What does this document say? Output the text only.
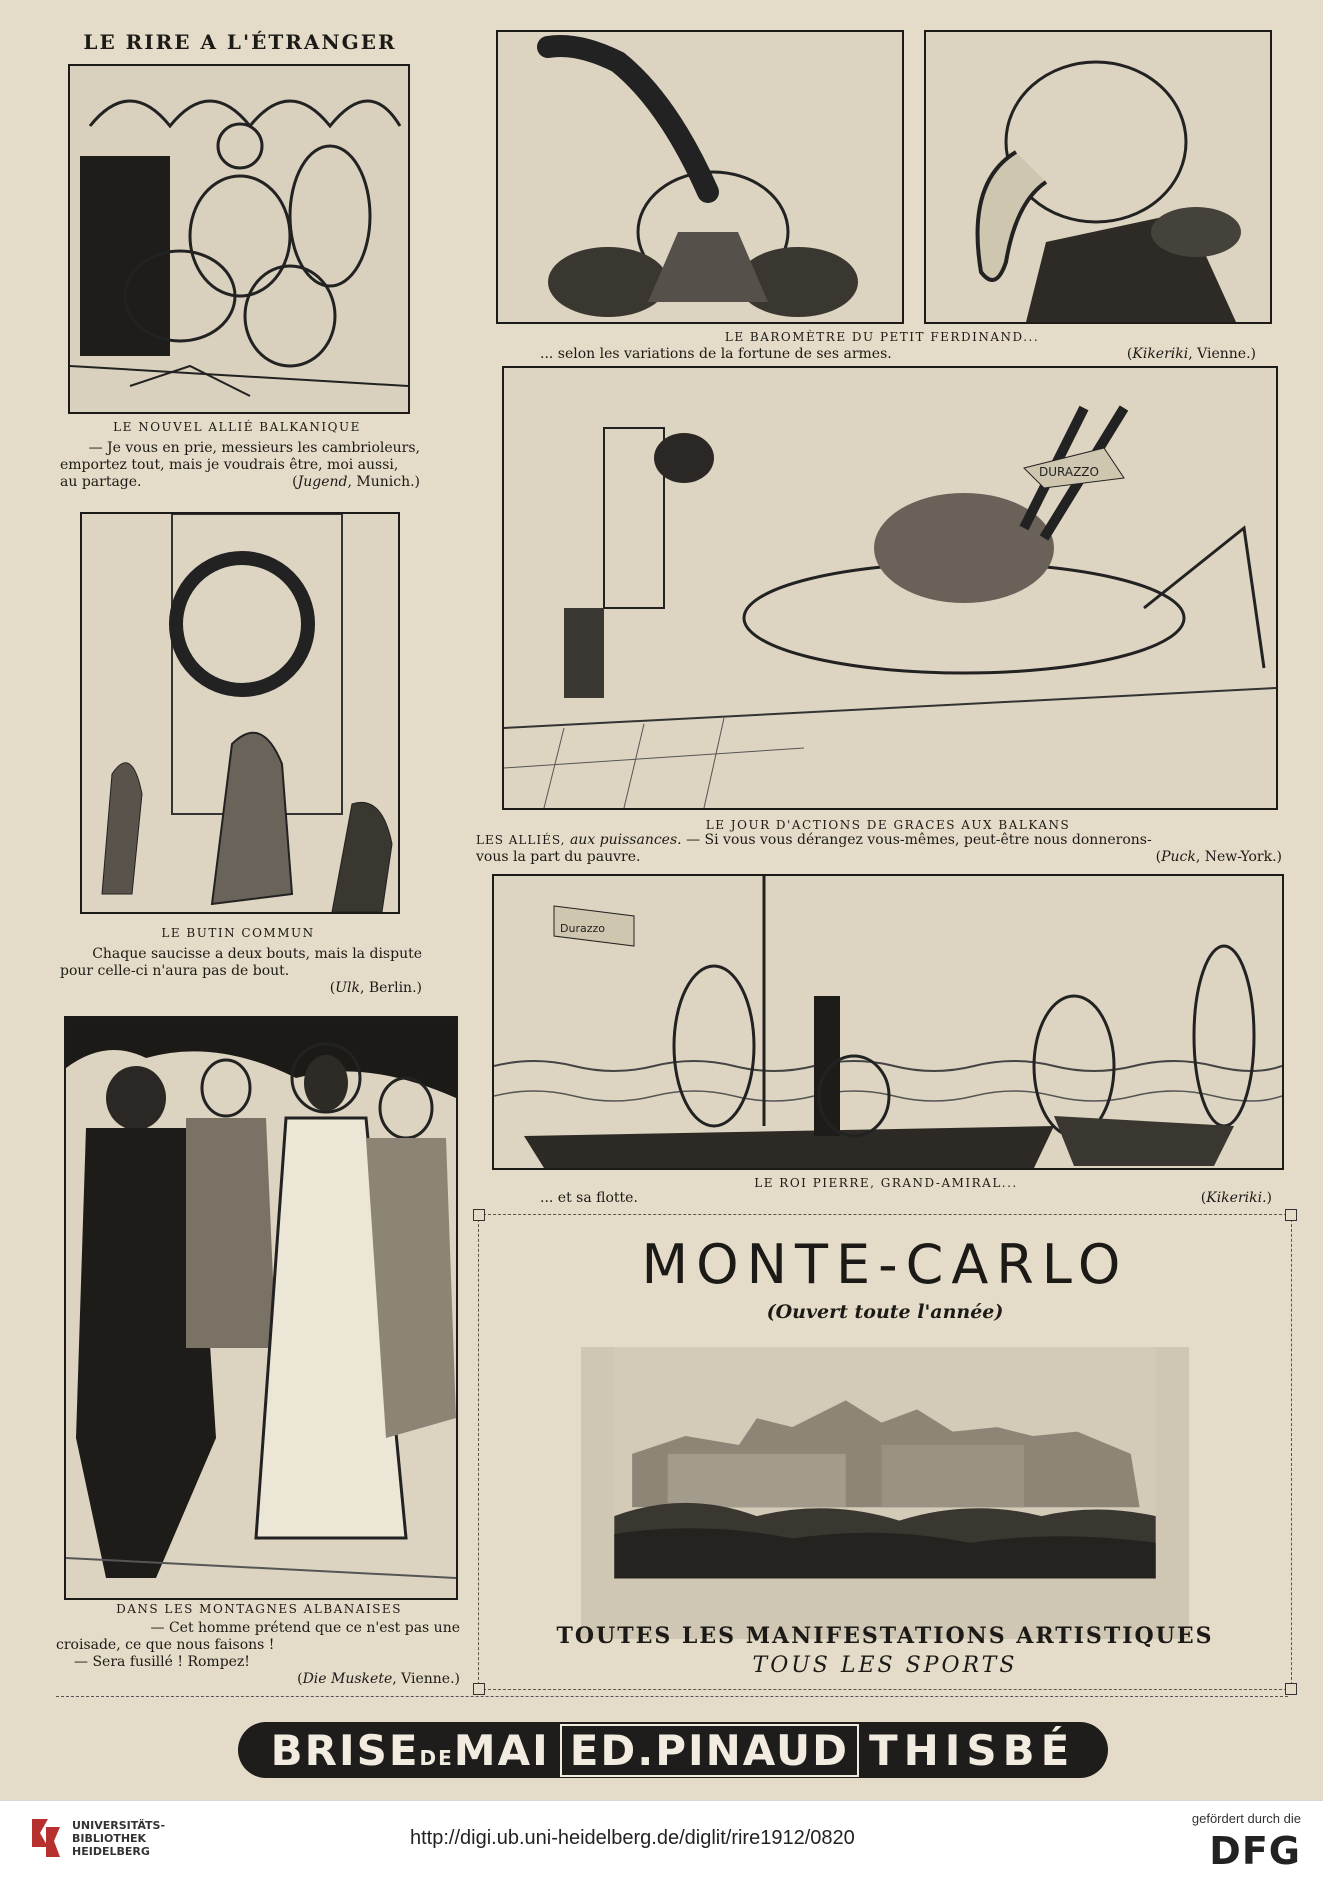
LE RIRE A L'ÉTRANGER
LE NOUVEL ALLIÉ BALKANIQUE
— Je vous en prie, messieurs les cambrioleurs,
emportez tout, mais je voudrais être, moi aussi,
au partage.	(Jugend, Munich.)
LE BAROMÈTRE DU PETIT FERDINAND...
... selon les variations de la fortune de ses armes.	(Kikeriki, Vienne.)
DURAZZO
LE JOUR D'ACTIONS DE GRACES AUX BALKANS
LES ALLIÉS, aux puissances. — Si vous vous dérangez vous-mêmes, peut-être nous donnerons-
vous la part du pauvre.	(Puck, New-York.)
LE BUTIN COMMUN
Chaque saucisse a deux bouts, mais la dispute
pour celle-ci n'aura pas de bout.
(Ulk, Berlin.)
Durazzo
LE ROI PIERRE, GRAND-AMIRAL...
... et sa flotte.	(Kikeriki.)
DANS LES MONTAGNES ALBANAISES
— Cet homme prétend que ce n'est pas une
croisade, ce que nous faisons !
— Sera fusillé ! Rompez!
(Die Muskete, Vienne.)
MONTE-CARLO
(Ouvert toute l'année)
TOUTES LES MANIFESTATIONS ARTISTIQUES
TOUS LES SPORTS
BRISEDEMAI ED.PINAUD THISBÉ
UNIVERSITÄTS-
BIBLIOTHEK
HEIDELBERG
http://digi.ub.uni-heidelberg.de/diglit/rire1912/0820
gefördert durch die
DFG
